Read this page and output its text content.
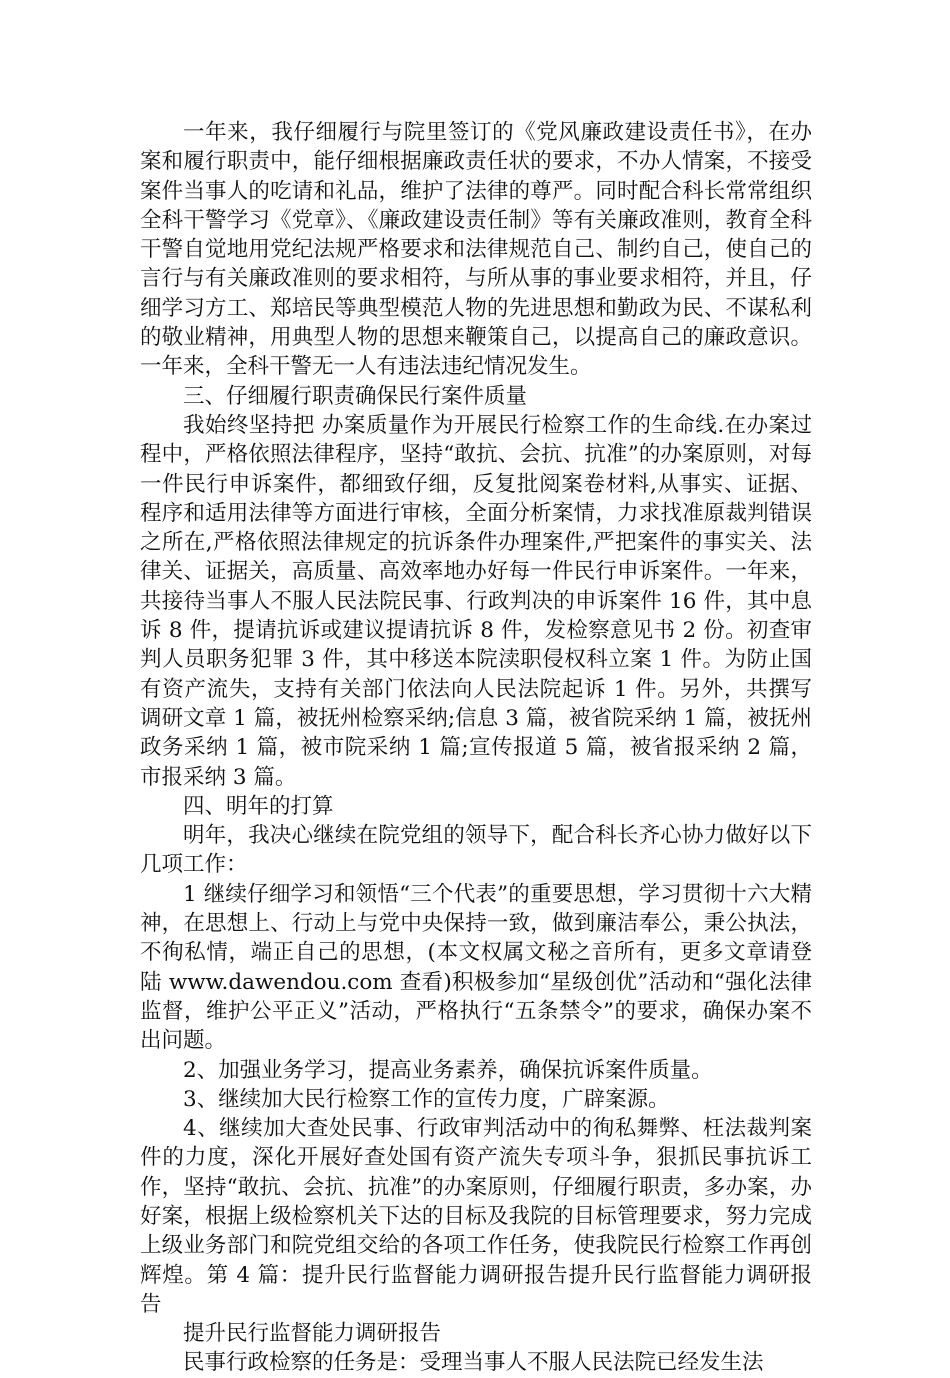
一年来，我仔细履行与院里签订的《党风廉政建设责任书》，在办案和履行职责中，能仔细根据廉政责任状的要求，不办人情案，不接受案件当事人的吃请和礼品，维护了法律的尊严。同时配合科长常常组织全科干警学习《党章》、《廉政建设责任制》等有关廉政准则，教育全科干警自觉地用党纪法规严格要求和法律规范自己、制约自己，使自己的言行与有关廉政准则的要求相符，与所从事的事业要求相符，并且，仔细学习方工、郑培民等典型模范人物的先进思想和勤政为民、不谋私利的敬业精神，用典型人物的思想来鞭策自己，以提高自己的廉政意识。一年来，全科干警无一人有违法违纪情况发生。

三、仔细履行职责确保民行案件质量

我始终坚持把 办案质量作为开展民行检察工作的生命线.在办案过程中，严格依照法律程序，坚持“敢抗、会抗、抗准”的办案原则，对每一件民行申诉案件，都细致仔细，反复批阅案卷材料,从事实、证据、程序和适用法律等方面进行审核，全面分析案情，力求找准原裁判错误之所在,严格依照法律规定的抗诉条件办理案件,严把案件的事实关、法律关、证据关，高质量、高效率地办好每一件民行申诉案件。一年来，共接待当事人不服人民法院民事、行政判决的申诉案件 16 件，其中息诉 8 件，提请抗诉或建议提请抗诉 8 件，发检察意见书 2 份。初查审判人员职务犯罪 3 件，其中移送本院渎职侵权科立案 1 件。为防止国有资产流失，支持有关部门依法向人民法院起诉 1 件。另外，共撰写调研文章 1 篇，被抚州检察采纳;信息 3 篇，被省院采纳 1 篇，被抚州政务采纳 1 篇，被市院采纳 1 篇;宣传报道 5 篇，被省报采纳 2 篇，市报采纳 3 篇。

四、明年的打算

明年，我决心继续在院党组的领导下，配合科长齐心协力做好以下几项工作：

1 继续仔细学习和领悟“三个代表”的重要思想，学习贯彻十六大精神，在思想上、行动上与党中央保持一致，做到廉洁奉公，秉公执法，不徇私情，端正自己的思想，(本文权属文秘之音所有，更多文章请登陆 www.dawendou.com 查看)积极参加“星级创优”活动和“强化法律监督，维护公平正义”活动，严格执行“五条禁令”的要求，确保办案不出问题。

2、加强业务学习，提高业务素养，确保抗诉案件质量。

3、继续加大民行检察工作的宣传力度，广辟案源。

4、继续加大查处民事、行政审判活动中的徇私舞弊、枉法裁判案件的力度，深化开展好查处国有资产流失专项斗争，狠抓民事抗诉工作，坚持“敢抗、会抗、抗准”的办案原则，仔细履行职责，多办案，办好案，根据上级检察机关下达的目标及我院的目标管理要求，努力完成上级业务部门和院党组交给的各项工作任务，使我院民行检察工作再创辉煌。第 4 篇：提升民行监督能力调研报告提升民行监督能力调研报告

提升民行监督能力调研报告

民事行政检察的任务是：受理当事人不服人民法院已经发生法
